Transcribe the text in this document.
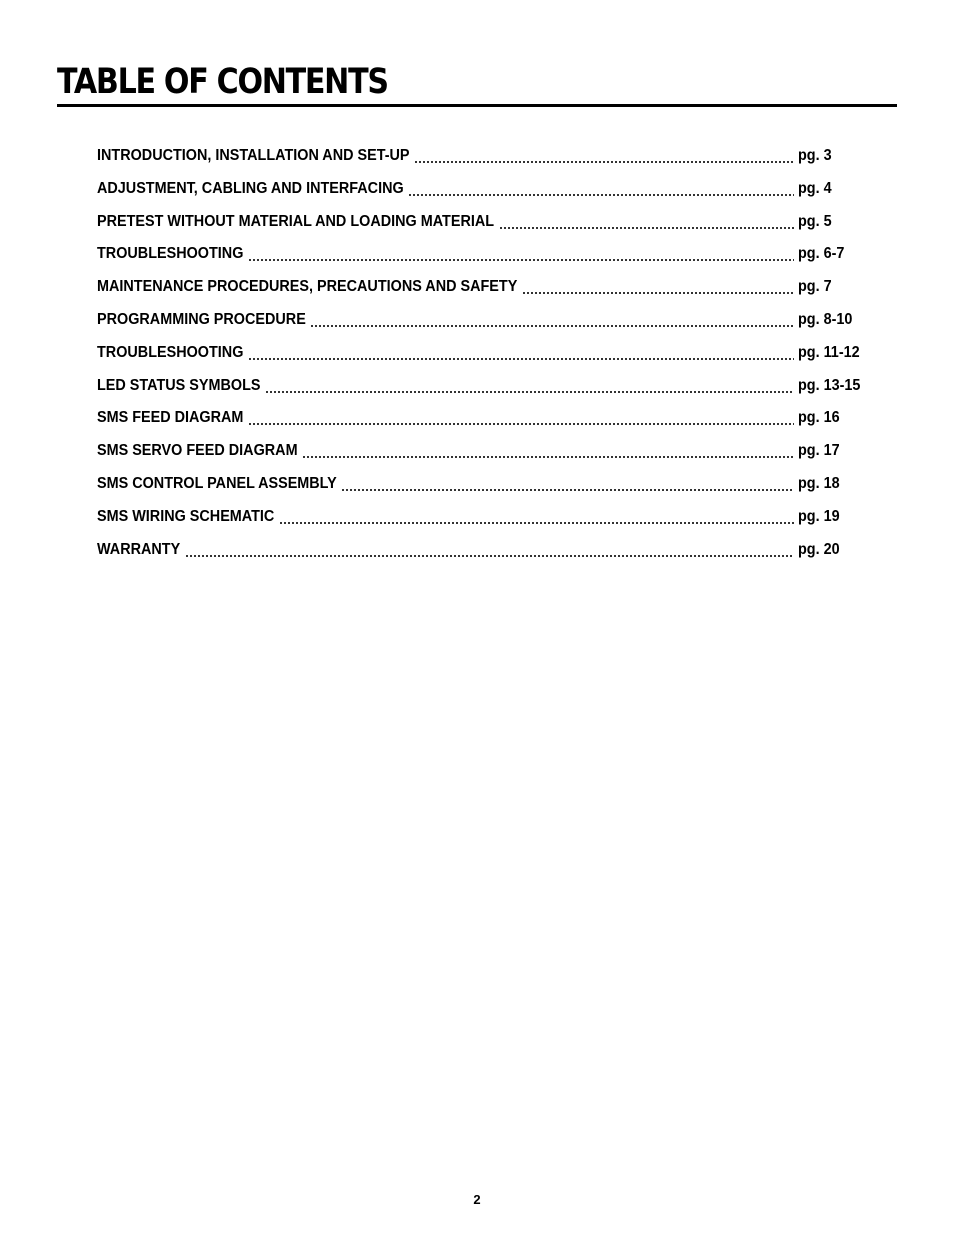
TABLE OF CONTENTS
INTRODUCTION, INSTALLATION AND SET-UP	pg. 3
ADJUSTMENT, CABLING AND INTERFACING	pg. 4
PRETEST WITHOUT MATERIAL AND LOADING MATERIAL	pg. 5
TROUBLESHOOTING	pg. 6-7
MAINTENANCE PROCEDURES, PRECAUTIONS AND SAFETY	pg. 7
PROGRAMMING PROCEDURE	pg. 8-10
TROUBLESHOOTING	pg. 11-12
LED STATUS SYMBOLS	pg. 13-15
SMS FEED DIAGRAM	pg. 16
SMS SERVO FEED DIAGRAM	pg. 17
SMS CONTROL PANEL ASSEMBLY	pg. 18
SMS WIRING SCHEMATIC	pg. 19
WARRANTY	pg. 20
2
